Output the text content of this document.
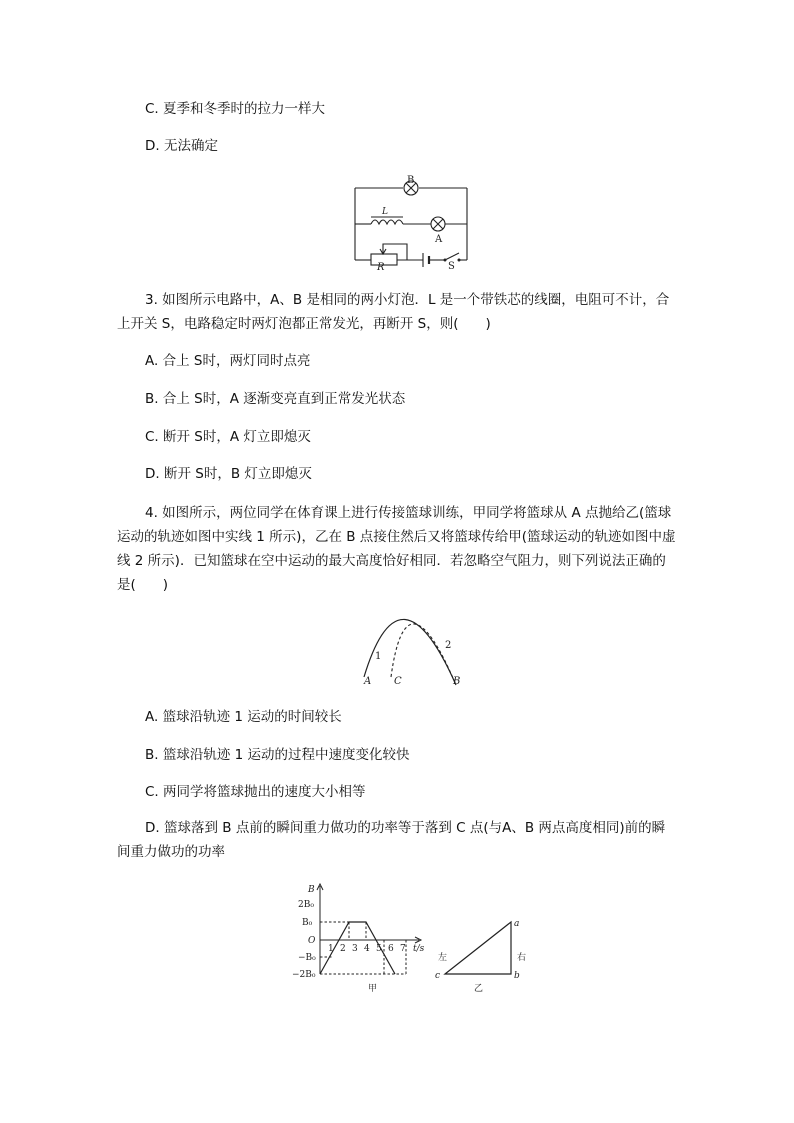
C. 夏季和冬季时的拉力一样大
D. 无法确定
B
L
A
R	S
3. 如图所示电路中，A、B 是相同的两小灯泡．L 是一个带铁芯的线圈，电阻可不计，合上开关 S，电路稳定时两灯泡都正常发光，再断开 S，则(　　)
A. 合上 S时，两灯同时点亮
B. 合上 S时，A 逐渐变亮直到正常发光状态
C. 断开 S时，A 灯立即熄灭
D. 断开 S时，B 灯立即熄灭
4. 如图所示，两位同学在体育课上进行传接篮球训练，甲同学将篮球从 A 点抛给乙(篮球运动的轨迹如图中实线 1 所示)，乙在 B 点接住然后又将篮球传给甲(篮球运动的轨迹如图中虚线 2 所示)．已知篮球在空中运动的最大高度恰好相同．若忽略空气阻力，则下列说法正确的是(　　)
1
2
A C	B
A. 篮球沿轨迹 1 运动的时间较长
B. 篮球沿轨迹 1 运动的过程中速度变化较快
C. 两同学将篮球抛出的速度大小相等
D. 篮球落到 B 点前的瞬间重力做功的功率等于落到 C 点(与A、B 两点高度相同)前的瞬间重力做功的功率
B
2B₀
B₀
O
−B₀
−2B₀
1 2 3 4 5 6 7 t/s
甲
a
b
c
左	右
乙
